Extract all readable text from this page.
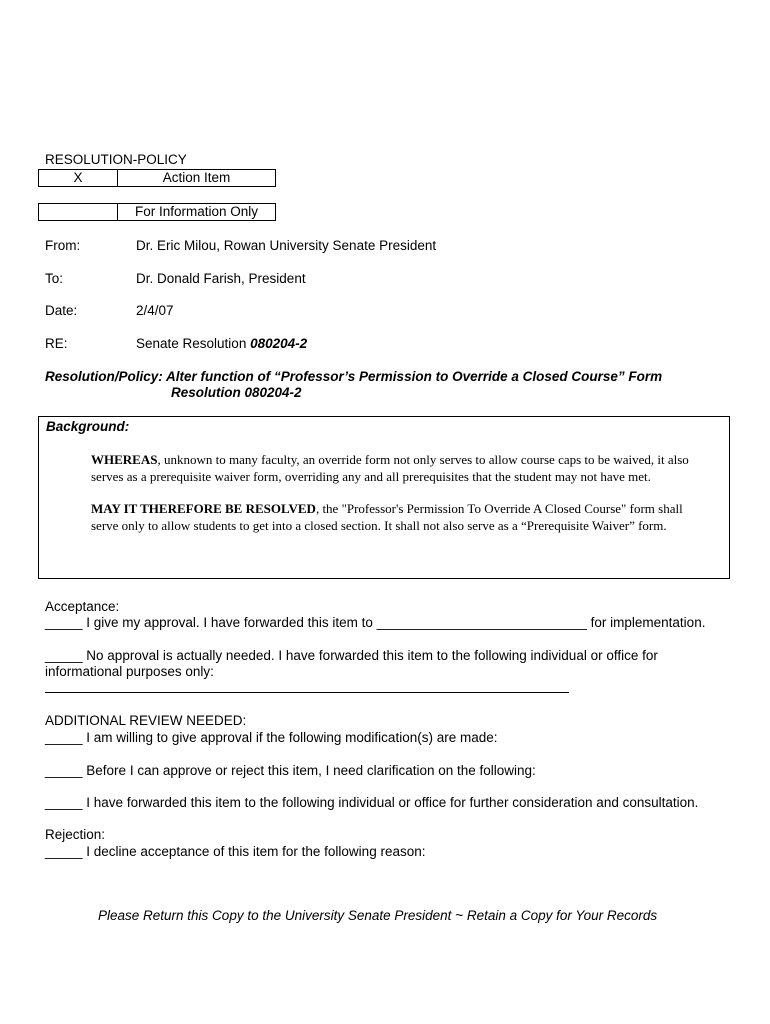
RESOLUTION-POLICY
X	Action Item
	For Information Only
From:	Dr. Eric Milou, Rowan University Senate President
To:	Dr. Donald Farish, President
Date:	2/4/07
RE:	Senate Resolution 080204-2
Resolution/Policy: Alter function of “Professor’s Permission to Override a Closed Course” Form
Resolution 080204-2
Background:
WHEREAS, unknown to many faculty, an override form not only serves to allow course caps to be waived, it also serves as a prerequisite waiver form, overriding any and all prerequisites that the student may not have met.
MAY IT THEREFORE BE RESOLVED, the "Professor's Permission To Override A Closed Course" form shall serve only to allow students to get into a closed section. It shall not also serve as a “Prerequisite Waiver” form.
Acceptance:
_____ I give my approval. I have forwarded this item to ____________________________ for implementation.
_____ No approval is actually needed. I have forwarded this item to the following individual or office for
informational purposes only:
ADDITIONAL REVIEW NEEDED:
_____ I am willing to give approval if the following modification(s) are made:
_____ Before I can approve or reject this item, I need clarification on the following:
_____ I have forwarded this item to the following individual or office for further consideration and consultation.
Rejection:
_____ I decline acceptance of this item for the following reason:
Please Return this Copy to the University Senate President ~ Retain a Copy for Your Records
